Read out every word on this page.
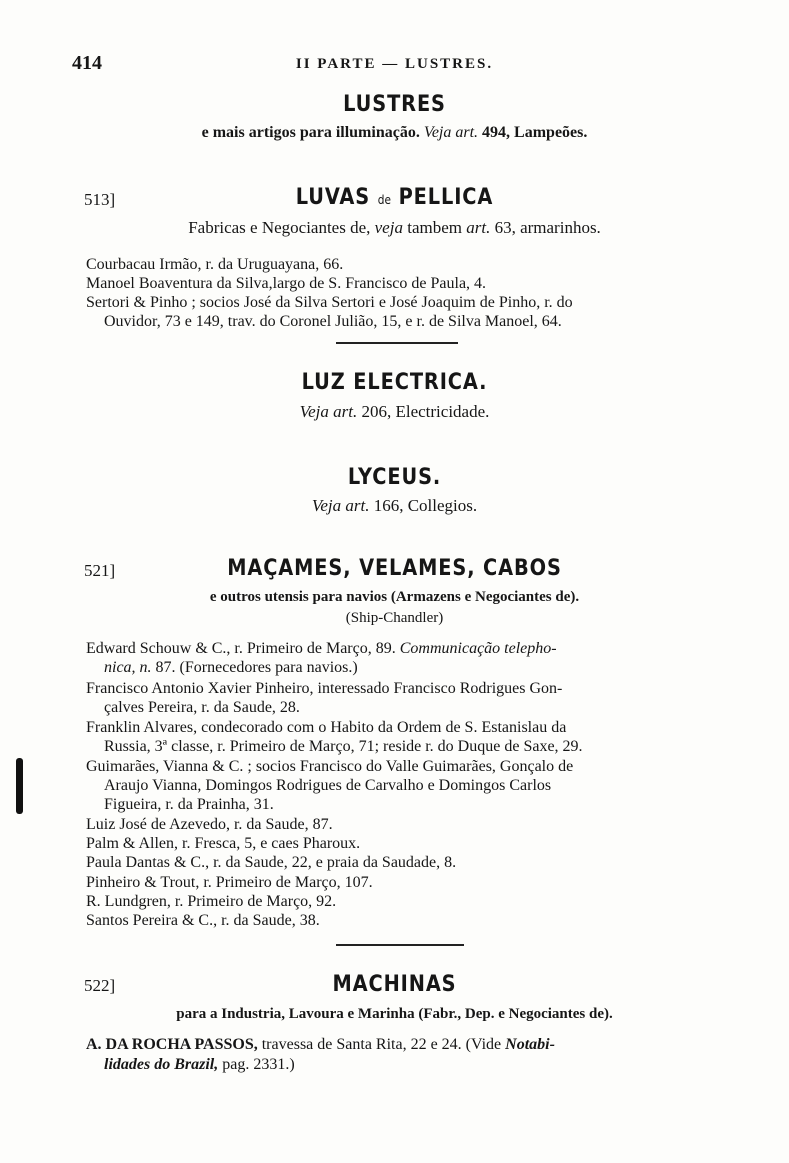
414	II PARTE — LUSTRES.
LUSTRES
e mais artigos para illuminação. Veja art. 494, Lampeões.
513]	LUVAS de PELLICA
Fabricas e Negociantes de, veja tambem art. 63, armarinhos.
Courbacau Irmão, r. da Uruguayana, 66.
Manoel Boaventura da Silva,largo de S. Francisco de Paula, 4.
Sertori & Pinho ; socios José da Silva Sertori e José Joaquim de Pinho, r. do
Ouvidor, 73 e 149, trav. do Coronel Julião, 15, e r. de Silva Manoel, 64.
LUZ ELECTRICA.
Veja art. 206, Electricidade.
LYCEUS.
Veja art. 166, Collegios.
521]	MAÇAMES, VELAMES, CABOS
e outros utensis para navios (Armazens e Negociantes de).
(Ship-Chandler)
Edward Schouw & C., r. Primeiro de Março, 89. Communicação telepho-
nica, n. 87. (Fornecedores para navios.)
Francisco Antonio Xavier Pinheiro, interessado Francisco Rodrigues Gon-
çalves Pereira, r. da Saude, 28.
Franklin Alvares, condecorado com o Habito da Ordem de S. Estanislau da
Russia, 3ª classe, r. Primeiro de Março, 71; reside r. do Duque de Saxe, 29.
Guimarães, Vianna & C. ; socios Francisco do Valle Guimarães, Gonçalo de
Araujo Vianna, Domingos Rodrigues de Carvalho e Domingos Carlos
Figueira, r. da Prainha, 31.
Luiz José de Azevedo, r. da Saude, 87.
Palm & Allen, r. Fresca, 5, e caes Pharoux.
Paula Dantas & C., r. da Saude, 22, e praia da Saudade, 8.
Pinheiro & Trout, r. Primeiro de Março, 107.
R. Lundgren, r. Primeiro de Março, 92.
Santos Pereira & C., r. da Saude, 38.
522]	MACHINAS
para a Industria, Lavoura e Marinha (Fabr., Dep. e Negociantes de).
A. DA ROCHA PASSOS, travessa de Santa Rita, 22 e 24. (Vide Notabi-
lidades do Brazil, pag. 2331.)
